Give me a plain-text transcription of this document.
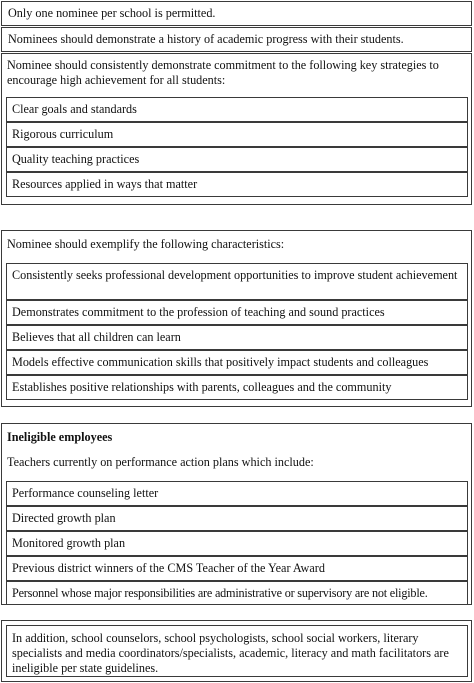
Only one nominee per school is permitted.
Nominees should demonstrate a history of academic progress with their students.
Nominee should consistently demonstrate commitment to the following key strategies to encourage high achievement for all students:
Clear goals and standards
Rigorous curriculum
Quality teaching practices
Resources applied in ways that matter
Nominee should exemplify the following characteristics:
Consistently seeks professional development opportunities to improve student achievement
Demonstrates commitment to the profession of teaching and sound practices
Believes that all children can learn
Models effective communication skills that positively impact students and colleagues
Establishes positive relationships with parents, colleagues and the community
Ineligible employees
Teachers currently on performance action plans which include:
Performance counseling letter
Directed growth plan
Monitored growth plan
Previous district winners of the CMS Teacher of the Year Award
Personnel whose major responsibilities are administrative or supervisory are not eligible.
In addition, school counselors, school psychologists, school social workers, literary specialists and media coordinators/specialists, academic, literacy and math facilitators are ineligible per state guidelines.
